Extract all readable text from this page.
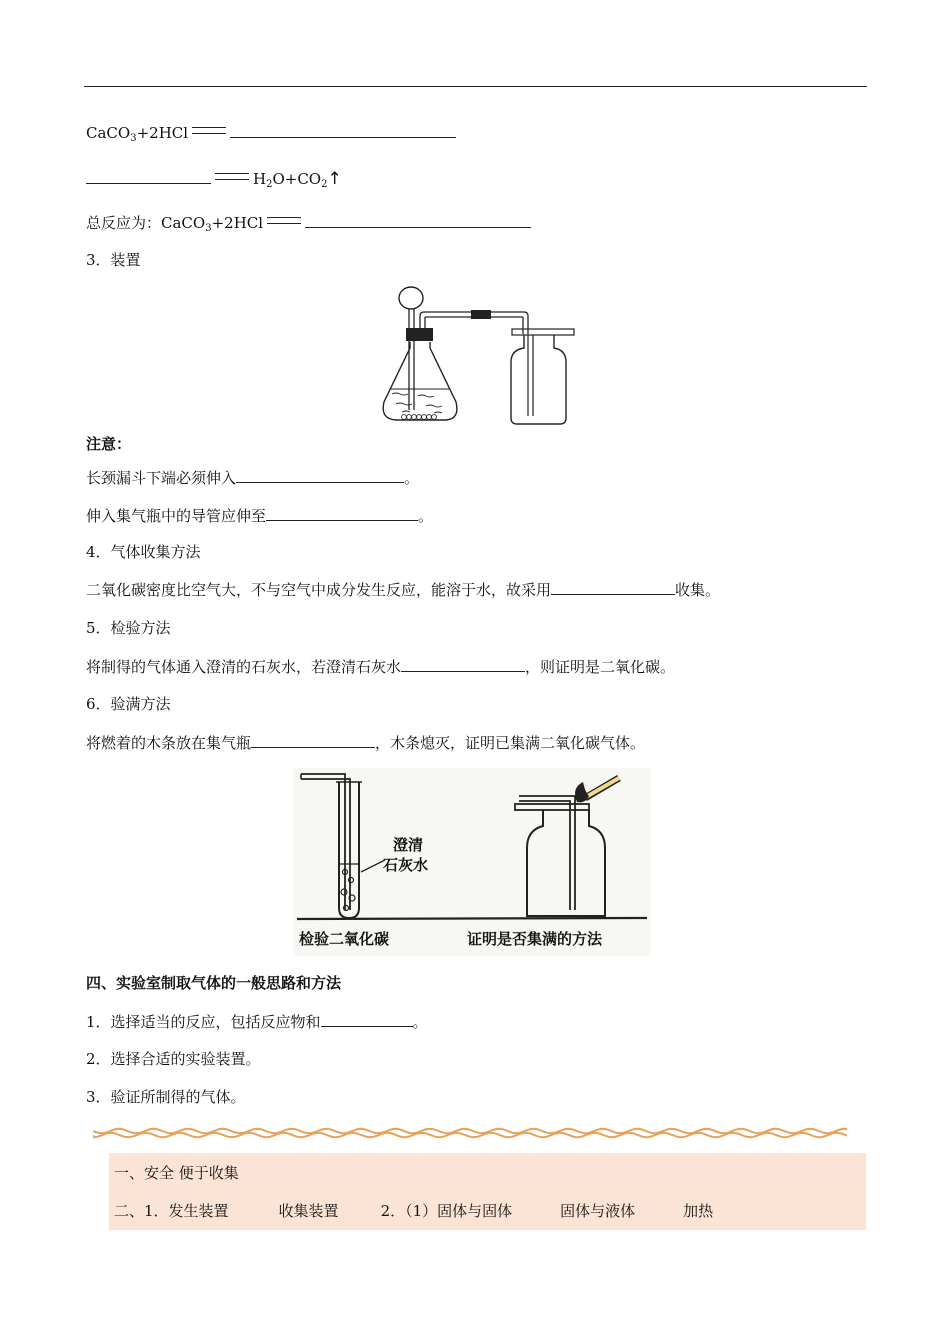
CaCO$_3$+2HCl
$H_2O+CO_2↑$
总反应为：CaCO$_3$+2HCl
3．装置
注意：
长颈漏斗下端必须伸入	。
伸入集气瓶中的导管应伸至	。
4．气体收集方法
二氧化碳密度比空气大，不与空气中成分发生反应，能溶于水，故采用	收集。
5．检验方法
将制得的气体通入澄清的石灰水，若澄清石灰水	，则证明是二氧化碳。
6．验满方法
将燃着的木条放在集气瓶	，木条熄灭，证明已集满二氧化碳气体。
澄清
石灰水
检验二氧化碳	证明是否集满的方法
四、实验室制取气体的一般思路和方法
1．选择适当的反应，包括反应物和	。
2．选择合适的实验装置。
3．验证所制得的气体。
一、安全 便于收集
二、1．发生装置	收集装置	2．（1）固体与固体	固体与液体	加热
